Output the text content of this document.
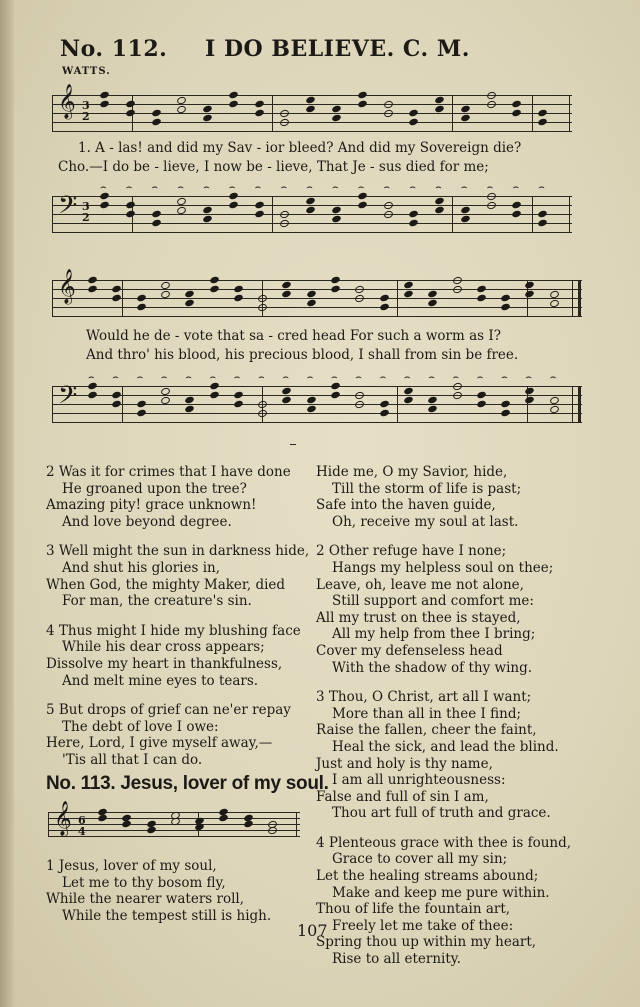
No. 112. I DO BELIEVE. C. M.
WATTS.
𝄞 3
2
1. A - las! and did my Sav - ior bleed? And did my Sovereign die?
Cho.—I do be - lieve, I now be - lieve, That Je - sus died for me;
𝄢 3
2
⌢ ⌢ ⌢ ⌢ ⌢ ⌢ ⌢ ⌢ ⌢ ⌢ ⌢ ⌢ ⌢ ⌢ ⌢ ⌢ ⌢ ⌢
𝄞
Would he de - vote that sa - cred head For such a worm as I?
And thro' his blood, his precious blood, I shall from sin be free.
𝄢
⌢ ⌢ ⌢ ⌢ ⌢ ⌢ ⌢ ⌢ ⌢ ⌢ ⌢ ⌢ ⌢ ⌢ ⌢ ⌢ ⌢ ⌢ ⌢ ⌢

2 Was it for crimes that I have done

He groaned upon the tree?

Amazing pity! grace unknown!

And love beyond degree.

3 Well might the sun in darkness hide,

And shut his glories in,

When God, the mighty Maker, died

For man, the creature's sin.

4 Thus might I hide my blushing face

While his dear cross appears;

Dissolve my heart in thankfulness,

And melt mine eyes to tears.

5 But drops of grief can ne'er repay

The debt of love I owe:

Here, Lord, I give myself away,—

'Tis all that I can do.

No. 113. Jesus, lover of my soul.
𝄞 6
4

1 Jesus, lover of my soul,

Let me to thy bosom fly,

While the nearer waters roll,

While the tempest still is high.

Hide me, O my Savior, hide,

Till the storm of life is past;

Safe into the haven guide,

Oh, receive my soul at last.

2 Other refuge have I none;

Hangs my helpless soul on thee;

Leave, oh, leave me not alone,

Still support and comfort me:

All my trust on thee is stayed,

All my help from thee I bring;

Cover my defenseless head

With the shadow of thy wing.

3 Thou, O Christ, art all I want;

More than all in thee I find;

Raise the fallen, cheer the faint,

Heal the sick, and lead the blind.

Just and holy is thy name,

I am all unrighteousness:

False and full of sin I am,

Thou art full of truth and grace.

4 Plenteous grace with thee is found,

Grace to cover all my sin;

Let the healing streams abound;

Make and keep me pure within.

Thou of life the fountain art,

Freely let me take of thee:

Spring thou up within my heart,

Rise to all eternity.

107
